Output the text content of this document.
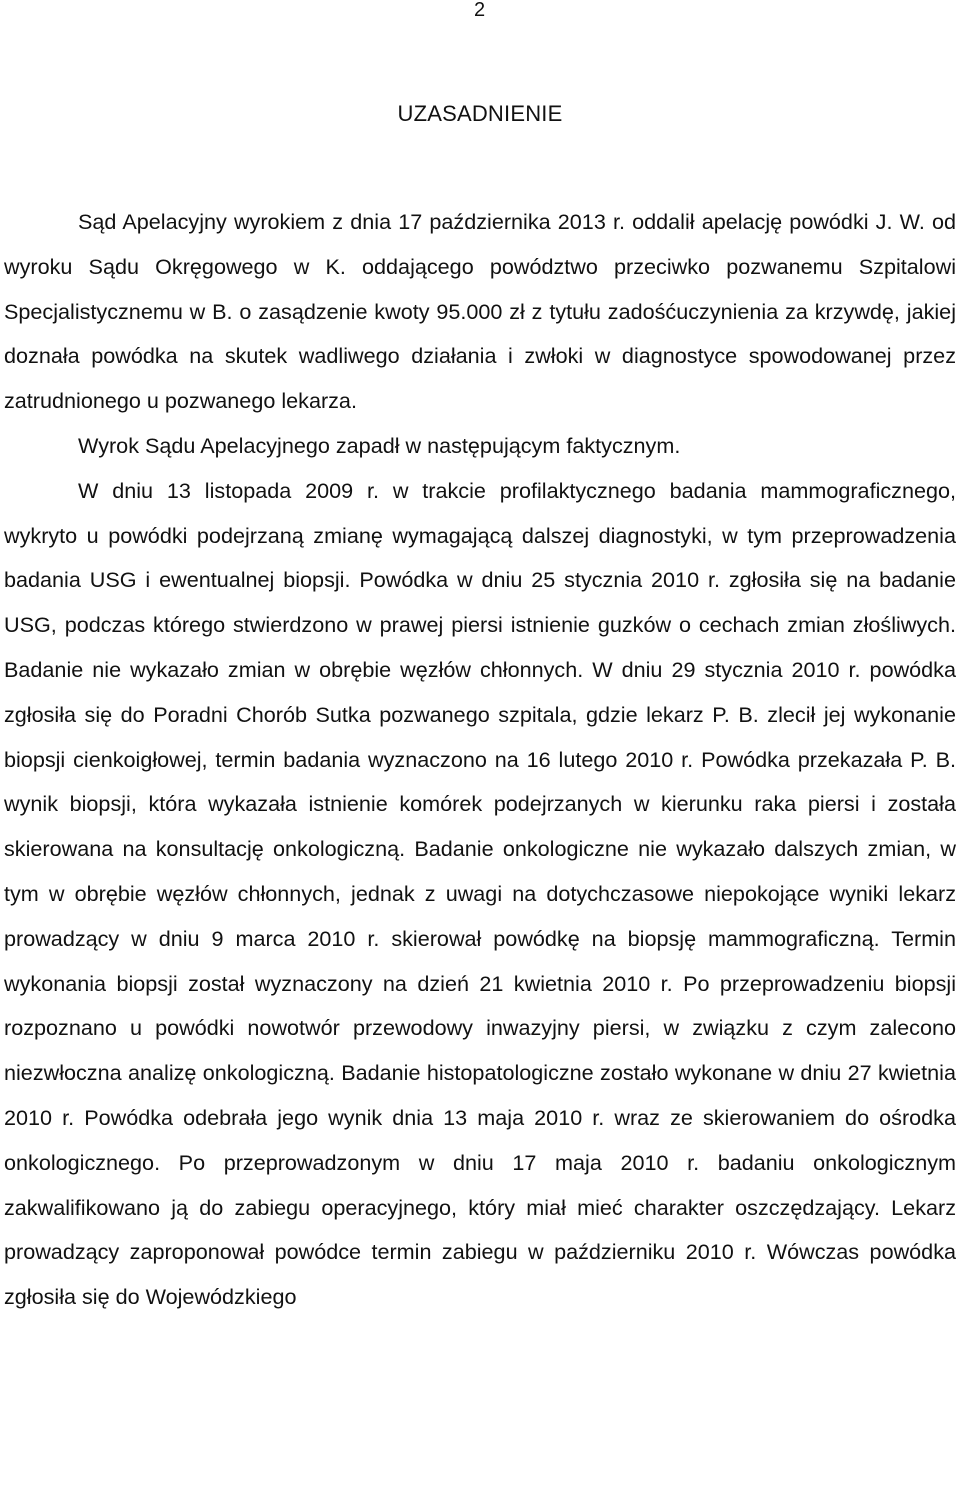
2
UZASADNIENIE

Sąd Apelacyjny wyrokiem z dnia 17 października 2013 r. oddalił apelację powódki J. W. od wyroku Sądu Okręgowego w K. oddającego powództwo przeciwko pozwanemu Szpitalowi Specjalistycznemu w B. o zasądzenie kwoty 95.000 zł z tytułu zadośćuczynienia za krzywdę, jakiej doznała powódka na skutek wadliwego działania i zwłoki w diagnostyce spowodowanej przez zatrudnionego u pozwanego lekarza.

Wyrok Sądu Apelacyjnego zapadł w następującym faktycznym.

W dniu 13 listopada 2009 r. w trakcie profilaktycznego badania mammograficznego, wykryto u powódki podejrzaną zmianę wymagającą dalszej diagnostyki, w tym przeprowadzenia badania USG i ewentualnej biopsji. Powódka w dniu 25 stycznia 2010 r. zgłosiła się na badanie USG, podczas którego stwierdzono w prawej piersi istnienie guzków o cechach zmian złośliwych. Badanie nie wykazało zmian w obrębie węzłów chłonnych. W dniu 29 stycznia 2010 r. powódka zgłosiła się do Poradni Chorób Sutka pozwanego szpitala, gdzie lekarz P. B. zlecił jej wykonanie biopsji cienkoigłowej, termin badania wyznaczono na 16 lutego 2010 r. Powódka przekazała P. B. wynik biopsji, która wykazała istnienie komórek podejrzanych w kierunku raka piersi i została skierowana na konsultację onkologiczną. Badanie onkologiczne nie wykazało dalszych zmian, w tym w obrębie węzłów chłonnych, jednak z uwagi na dotychczasowe niepokojące wyniki lekarz prowadzący w dniu 9 marca 2010 r. skierował powódkę na biopsję mammograficzną. Termin wykonania biopsji został wyznaczony na dzień 21 kwietnia 2010 r. Po przeprowadzeniu biopsji rozpoznano u powódki nowotwór przewodowy inwazyjny piersi, w związku z czym zalecono niezwłoczna analizę onkologiczną. Badanie histopatologiczne zostało wykonane w dniu 27 kwietnia 2010 r. Powódka odebrała jego wynik dnia 13 maja 2010 r. wraz ze skierowaniem do ośrodka onkologicznego. Po przeprowadzonym w dniu 17 maja 2010 r. badaniu onkologicznym zakwalifikowano ją do zabiegu operacyjnego, który miał mieć charakter oszczędzający. Lekarz prowadzący zaproponował powódce termin zabiegu w październiku 2010 r. Wówczas powódka zgłosiła się do Wojewódzkiego
